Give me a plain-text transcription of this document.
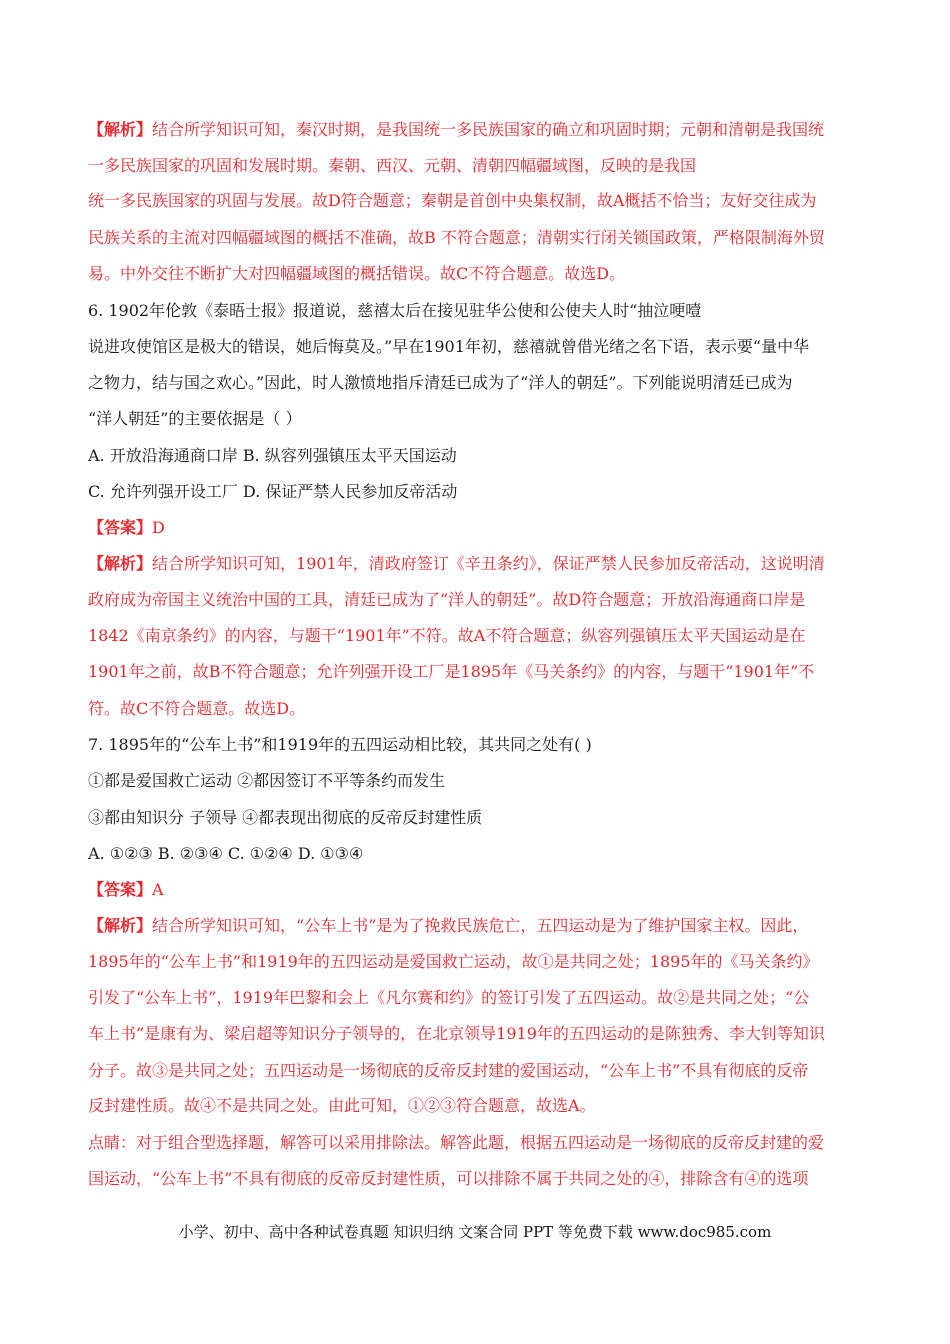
【解析】结合所学知识可知，秦汉时期，是我国统一多民族国家的确立和巩固时期；元朝和清朝是我国统
一多民族国家的巩固和发展时期。秦朝、西汉、元朝、清朝四幅疆域图，反映的是我国
统一多民族国家的巩固与发展。故D符合题意；秦朝是首创中央集权制，故A概括不恰当；友好交往成为
民族关系的主流对四幅疆域图的概括不准确，故B 不符合题意；清朝实行闭关锁国政策，严格限制海外贸
易。中外交往不断扩大对四幅疆域图的概括错误。故C不符合题意。故选D。
6. 1902年伦敦《泰晤士报》报道说，慈禧太后在接见驻华公使和公使夫人时“抽泣哽噎
说进攻使馆区是极大的错误，她后悔莫及。”早在1901年初，慈禧就曾借光绪之名下语，表示要“量中华
之物力，结与国之欢心。”因此，时人激愤地指斥清廷已成为了“洋人的朝廷”。下列能说明清廷已成为
“洋人朝廷”的主要依据是（ ）
A. 开放沿海通商口岸 B. 纵容列强镇压太平天国运动
C. 允许列强开设工厂 D. 保证严禁人民参加反帝活动
【答案】D
【解析】结合所学知识可知，1901年，清政府签订《辛丑条约》，保证严禁人民参加反帝活动，这说明清
政府成为帝国主义统治中国的工具，清廷已成为了“洋人的朝廷”。故D符合题意；开放沿海通商口岸是
1842《南京条约》的内容，与题干“1901年”不符。故A不符合题意；纵容列强镇压太平天国运动是在
1901年之前，故B不符合题意；允许列强开设工厂是1895年《马关条约》的内容，与题干“1901年”不
符。故C不符合题意。故选D。
7. 1895年的“公车上书”和1919年的五四运动相比较，其共同之处有( )
①都是爱国救亡运动 ②都因签订不平等条约而发生
③都由知识分 子领导 ④都表现出彻底的反帝反封建性质
A. ①②③ B. ②③④ C. ①②④ D. ①③④
【答案】A
【解析】结合所学知识可知，“公车上书”是为了挽救民族危亡，五四运动是为了维护国家主权。因此，
1895年的“公车上书”和1919年的五四运动是爱国救亡运动，故①是共同之处；1895年的《马关条约》
引发了“公车上书”，1919年巴黎和会上《凡尔赛和约》的签订引发了五四运动。故②是共同之处；“公
车上书”是康有为、梁启超等知识分子领导的，在北京领导1919年的五四运动的是陈独秀、李大钊等知识
分子。故③是共同之处；五四运动是一场彻底的反帝反封建的爱国运动，“公车上书”不具有彻底的反帝
反封建性质。故④不是共同之处。由此可知，①②③符合题意，故选A。
点睛：对于组合型选择题，解答可以采用排除法。解答此题，根据五四运动是一场彻底的反帝反封建的爱
国运动，“公车上书”不具有彻底的反帝反封建性质，可以排除不属于共同之处的④，排除含有④的选项
小学、初中、高中各种试卷真题 知识归纳 文案合同 PPT 等免费下载 www.doc985.com
